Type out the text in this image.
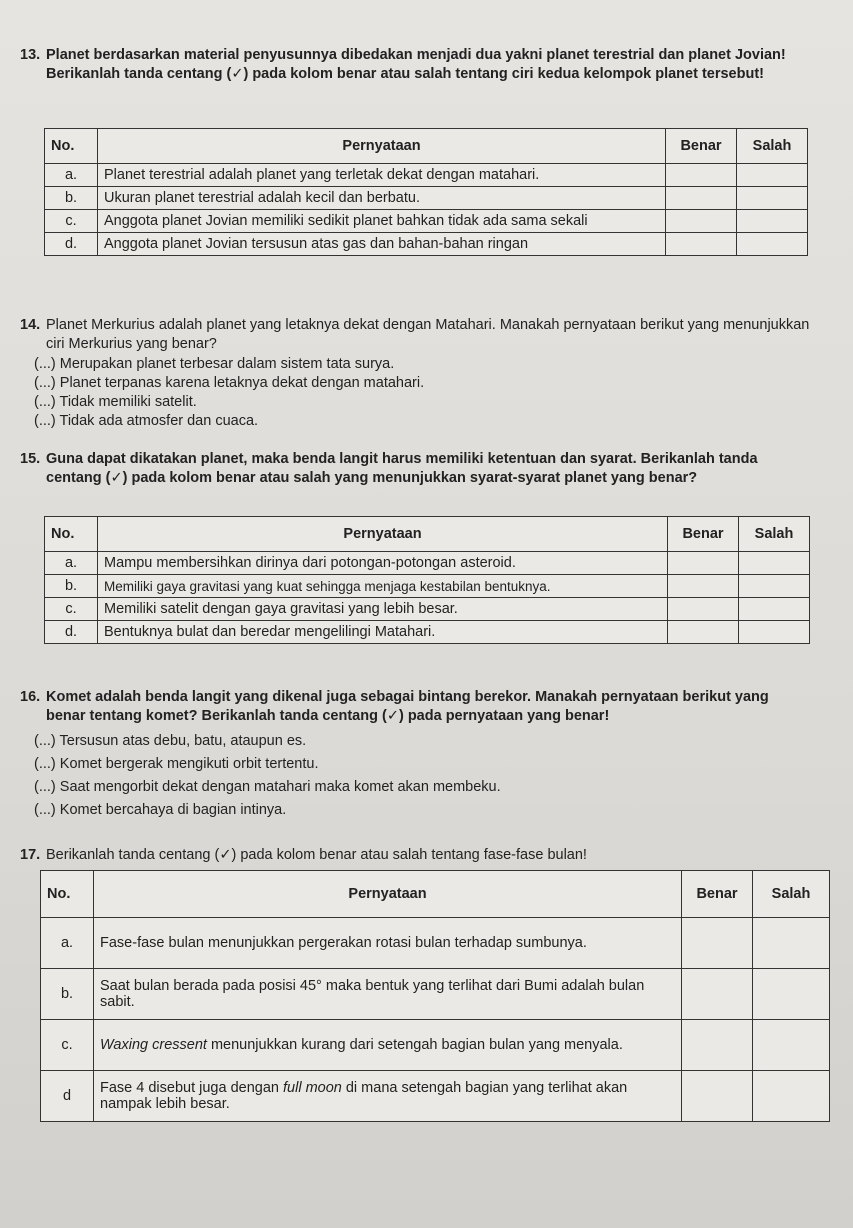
13. Planet berdasarkan material penyusunnya dibedakan menjadi dua yakni planet terestrial dan planet Jovian! Berikanlah tanda centang (✓) pada kolom benar atau salah tentang ciri kedua kelompok planet tersebut!
No.	Pernyataan	Benar	Salah
a.	Planet terestrial adalah planet yang terletak dekat dengan matahari.		
b.	Ukuran planet terestrial adalah kecil dan berbatu.		
c.	Anggota planet Jovian memiliki sedikit planet bahkan tidak ada sama sekali		
d.	Anggota planet Jovian tersusun atas gas dan bahan-bahan ringan		
14. Planet Merkurius adalah planet yang letaknya dekat dengan Matahari. Manakah pernyataan berikut yang menunjukkan ciri Merkurius yang benar?
(...) Merupakan planet terbesar dalam sistem tata surya.
(...) Planet terpanas karena letaknya dekat dengan matahari.
(...) Tidak memiliki satelit.
(...) Tidak ada atmosfer dan cuaca.
15. Guna dapat dikatakan planet, maka benda langit harus memiliki ketentuan dan syarat. Berikanlah tanda centang (✓) pada kolom benar atau salah yang menunjukkan syarat-syarat planet yang benar?
No.	Pernyataan	Benar	Salah
a.	Mampu membersihkan dirinya dari potongan-potongan asteroid.		
b.	Memiliki gaya gravitasi yang kuat sehingga menjaga kestabilan bentuknya.		
c.	Memiliki satelit dengan gaya gravitasi yang lebih besar.		
d.	Bentuknya bulat dan beredar mengelilingi Matahari.		
16. Komet adalah benda langit yang dikenal juga sebagai bintang berekor. Manakah pernyataan berikut yang benar tentang komet? Berikanlah tanda centang (✓) pada pernyataan yang benar!
(...) Tersusun atas debu, batu, ataupun es.
(...) Komet bergerak mengikuti orbit tertentu.
(...) Saat mengorbit dekat dengan matahari maka komet akan membeku.
(...) Komet bercahaya di bagian intinya.
17. Berikanlah tanda centang (✓) pada kolom benar atau salah tentang fase-fase bulan!
No.	Pernyataan	Benar	Salah
a.	Fase-fase bulan menunjukkan pergerakan rotasi bulan terhadap sumbunya.		
b.	Saat bulan berada pada posisi 45° maka bentuk yang terlihat dari Bumi adalah bulan sabit.		
c.	Waxing cressent menunjukkan kurang dari setengah bagian bulan yang menyala.		
d	Fase 4 disebut juga dengan full moon di mana setengah bagian yang terlihat akan nampak lebih besar.		
